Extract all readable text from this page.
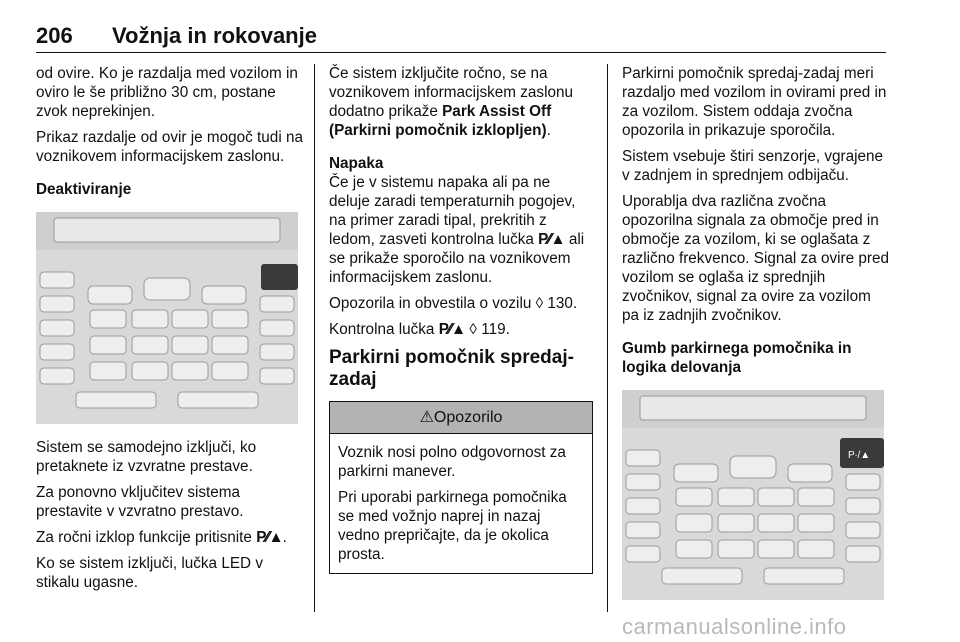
206 Vožnja in rokovanje

od ovire. Ko je razdalja med vozilom in oviro le še približno 30 cm, postane zvok neprekinjen.

Prikaz razdalje od ovir je mogoč tudi na voznikovem informacijskem zaslonu.

Deaktiviranje

Sistem se samodejno izključi, ko pretaknete iz vzvratne prestave.

Za ponovno vključitev sistema prestavite v vzvratno prestavo.

Za ročni izklop funkcije pritisnite P⁄⁄▲.

Ko se sistem izključi, lučka LED v stikalu ugasne.

Če sistem izključite ročno, se na voznikovem informacijskem zaslonu dodatno prikaže Park Assist Off (Parkirni pomočnik izklopljen).

Napaka

Če je v sistemu napaka ali pa ne deluje zaradi temperaturnih pogojev, na primer zaradi tipal, prekritih z ledom, zasveti kontrolna lučka P⁄⁄▲ ali se prikaže sporočilo na voznikovem informacijskem zaslonu.

Opozorila in obvestila o vozilu ◊ 130.

Kontrolna lučka P⁄⁄▲ ◊ 119.

Parkirni pomočnik spredaj-zadaj
⚠Opozorilo

Voznik nosi polno odgovornost za parkirni manever.

Pri uporabi parkirnega pomočnika se med vožnjo naprej in nazaj vedno prepričajte, da je okolica prosta.

Parkirni pomočnik spredaj-zadaj meri razdaljo med vozilom in ovirami pred in za vozilom. Sistem oddaja zvočna opozorila in prikazuje sporočila.

Sistem vsebuje štiri senzorje, vgrajene v zadnjem in sprednjem odbijaču.

Uporablja dva različna zvočna opozorilna signala za območje pred in območje za vozilom, ki se oglašata z različno frekvenco. Signal za ovire pred vozilom se oglaša iz sprednjih zvočnikov, signal za ovire za vozilom pa iz zadnjih zvočnikov.

Gumb parkirnega pomočnika in logika delovanja
P∙/▲
carmanualsonline.info
